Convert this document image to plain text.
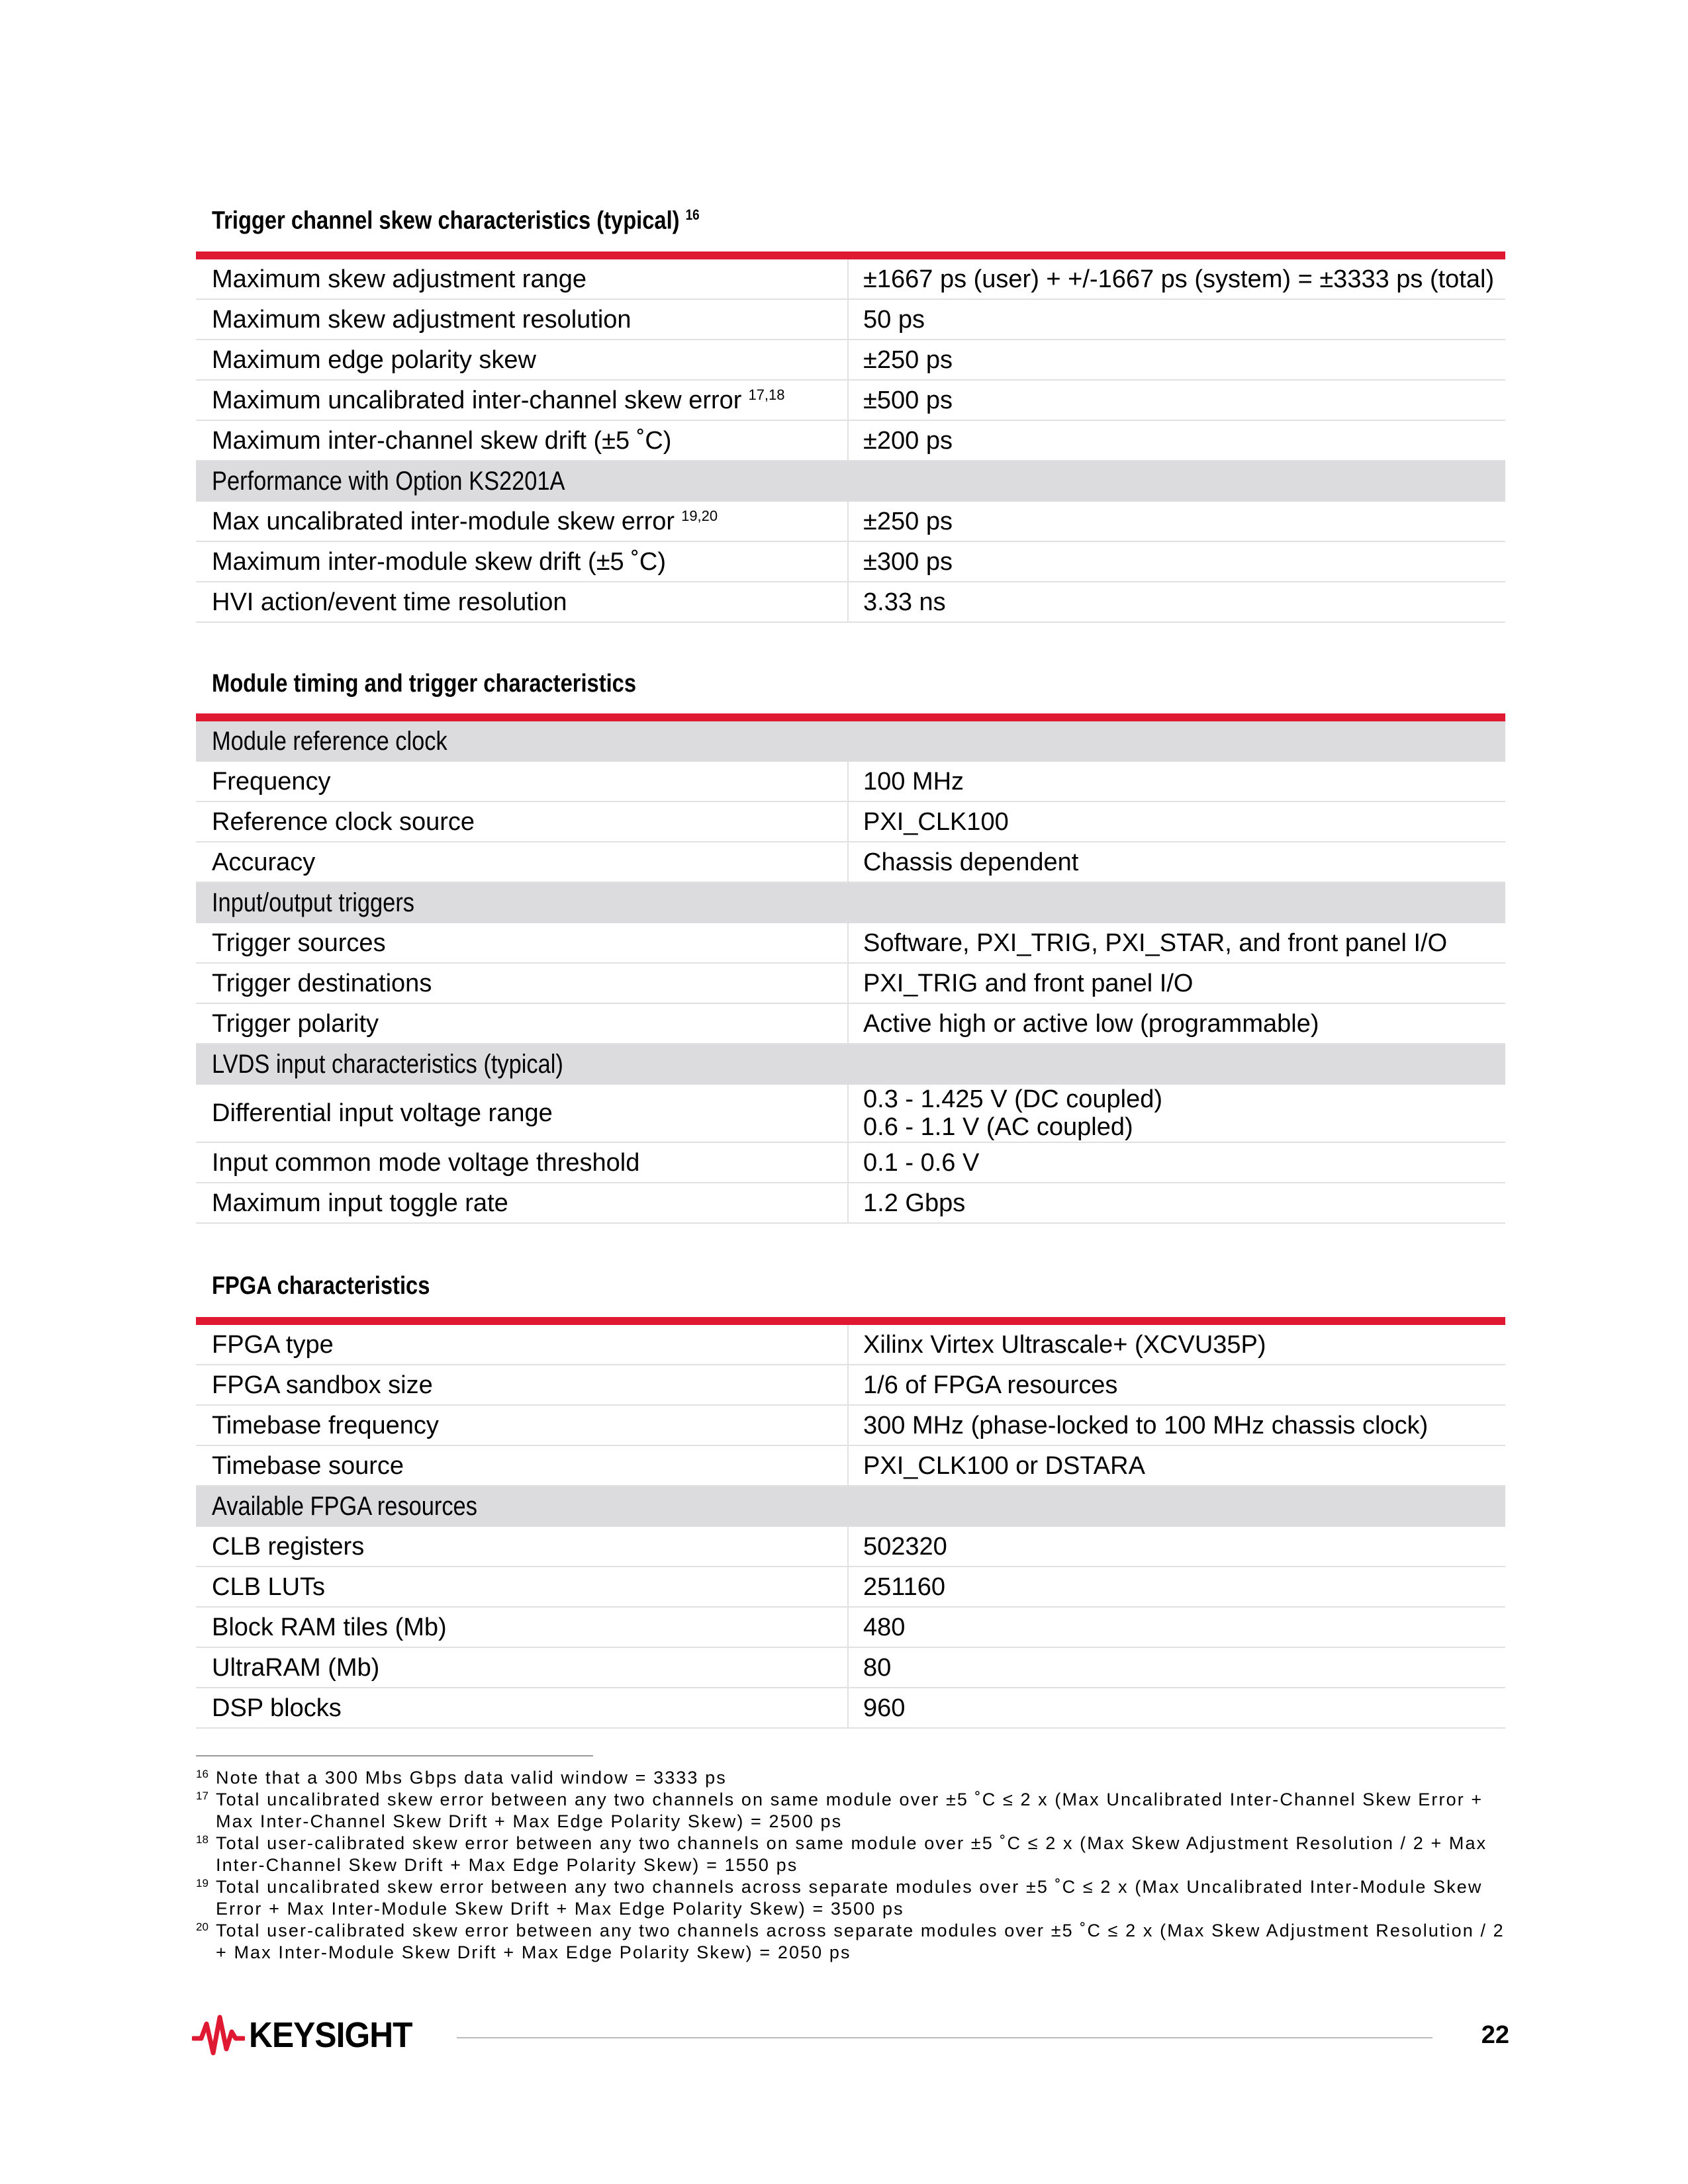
Trigger channel skew characteristics (typical) $^{16}$
Maximum skew adjustment range	±1667 ps (user) + +/-1667 ps (system) = ±3333 ps (total)
Maximum skew adjustment resolution	50 ps
Maximum edge polarity skew	±250 ps
Maximum uncalibrated inter-channel skew error $^{17,18}$	±500 ps
Maximum inter-channel skew drift (±5 ˚C)	±200 ps
Performance with Option KS2201A
Max uncalibrated inter-module skew error $^{19,20}$	±250 ps
Maximum inter-module skew drift (±5 ˚C)	±300 ps
HVI action/event time resolution	3.33 ns
Module timing and trigger characteristics
Module reference clock
Frequency	100 MHz
Reference clock source	PXI_CLK100
Accuracy	Chassis dependent
Input/output triggers
Trigger sources	Software, PXI_TRIG, PXI_STAR, and front panel I/O
Trigger destinations	PXI_TRIG and front panel I/O
Trigger polarity	Active high or active low (programmable)
LVDS input characteristics (typical)
Differential input voltage range	0.3 - 1.425 V (DC coupled)
0.6 - 1.1 V (AC coupled)
Input common mode voltage threshold	0.1 - 0.6 V
Maximum input toggle rate	1.2 Gbps
FPGA characteristics
FPGA type	Xilinx Virtex Ultrascale+ (XCVU35P)
FPGA sandbox size	1/6 of FPGA resources
Timebase frequency	300 MHz (phase-locked to 100 MHz chassis clock)
Timebase source	PXI_CLK100 or DSTARA
Available FPGA resources
CLB registers	502320
CLB LUTs	251160
Block RAM tiles (Mb)	480
UltraRAM (Mb)	80
DSP blocks	960
16 Note that a 300 Mbs Gbps data valid window = 3333 ps
17 Total uncalibrated skew error between any two channels on same module over ±5 ˚C ≤ 2 x (Max Uncalibrated Inter-Channel Skew Error + Max Inter-Channel Skew Drift + Max Edge Polarity Skew) = 2500 ps
18 Total user-calibrated skew error between any two channels on same module over ±5 ˚C ≤ 2 x (Max Skew Adjustment Resolution / 2 + Max Inter-Channel Skew Drift + Max Edge Polarity Skew) = 1550 ps
19 Total uncalibrated skew error between any two channels across separate modules over ±5 ˚C ≤ 2 x (Max Uncalibrated Inter-Module Skew Error + Max Inter-Module Skew Drift + Max Edge Polarity Skew) = 3500 ps
20 Total user-calibrated skew error between any two channels across separate modules over ±5 ˚C ≤ 2 x (Max Skew Adjustment Resolution / 2 + Max Inter-Module Skew Drift + Max Edge Polarity Skew) = 2050 ps
KEYSIGHT	22
